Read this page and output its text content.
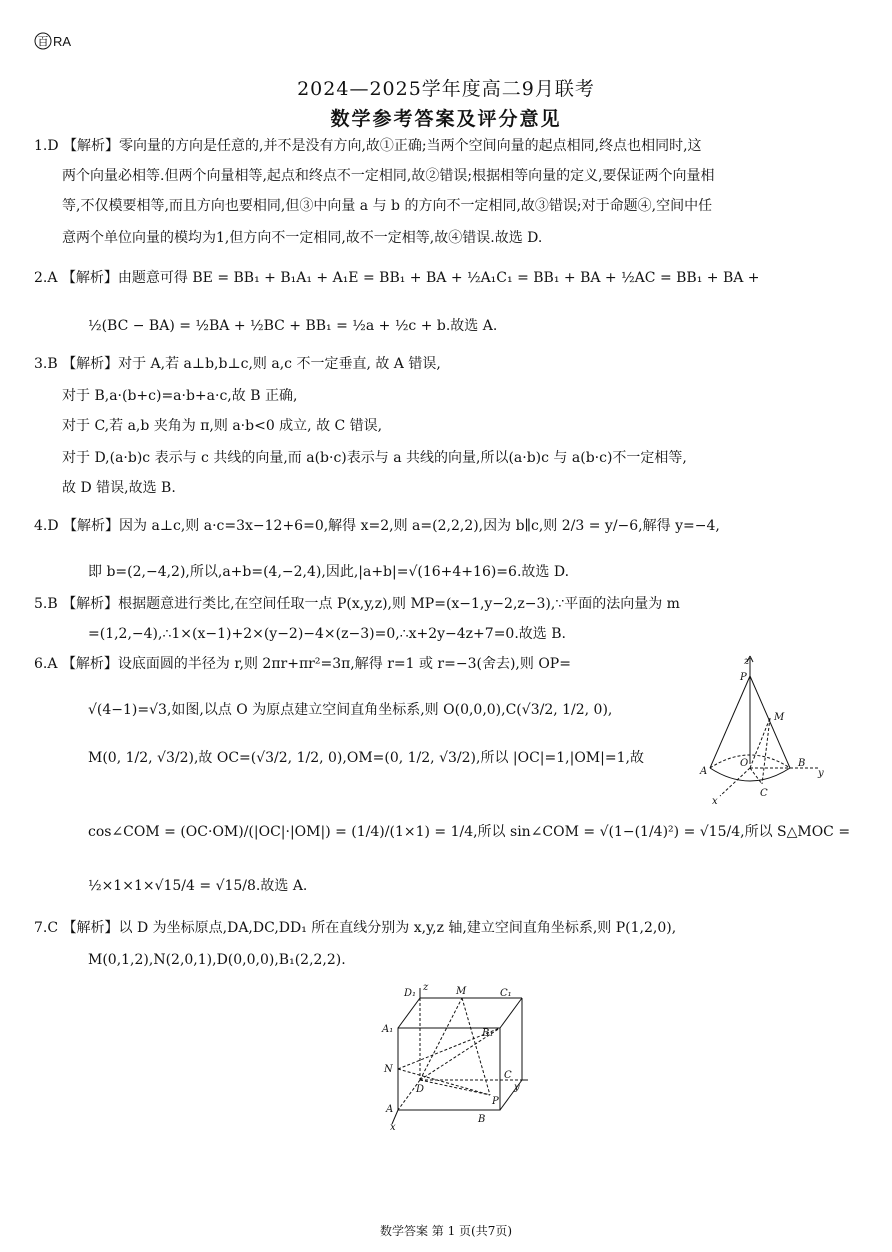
百 RA
2024—2025学年度高二9月联考
数学参考答案及评分意见
1.D 【解析】零向量的方向是任意的,并不是没有方向,故①正确;当两个空间向量的起点相同,终点也相同时,这
两个向量必相等.但两个向量相等,起点和终点不一定相同,故②错误;根据相等向量的定义,要保证两个向量相
等,不仅模要相等,而且方向也要相同,但③中向量 a 与 b 的方向不一定相同,故③错误;对于命题④,空间中任
意两个单位向量的模均为1,但方向不一定相同,故不一定相等,故④错误.故选 D.
2.A 【解析】由题意可得 BE = BB₁ + B₁A₁ + A₁E = BB₁ + BA + ½A₁C₁ = BB₁ + BA + ½AC = BB₁ + BA +
½(BC − BA) = ½BA + ½BC + BB₁ = ½a + ½c + b.故选 A.
3.B 【解析】对于 A,若 a⊥b,b⊥c,则 a,c 不一定垂直, 故 A 错误,
对于 B,a·(b+c)=a·b+a·c,故 B 正确,
对于 C,若 a,b 夹角为 π,则 a·b<0 成立, 故 C 错误,
对于 D,(a·b)c 表示与 c 共线的向量,而 a(b·c)表示与 a 共线的向量,所以(a·b)c 与 a(b·c)不一定相等,
故 D 错误,故选 B.
4.D 【解析】因为 a⊥c,则 a·c=3x−12+6=0,解得 x=2,则 a=(2,2,2),因为 b∥c,则 2/3 = y/−6,解得 y=−4,
即 b=(2,−4,2),所以,a+b=(4,−2,4),因此,|a+b|=√(16+4+16)=6.故选 D.
5.B 【解析】根据题意进行类比,在空间任取一点 P(x,y,z),则 MP=(x−1,y−2,z−3),∵平面的法向量为 m
=(1,2,−4),∴1×(x−1)+2×(y−2)−4×(z−3)=0,∴x+2y−4z+7=0.故选 B.
6.A 【解析】设底面圆的半径为 r,则 2πr+πr²=3π,解得 r=1 或 r=−3(舍去),则 OP=
√(4−1)=√3,如图,以点 O 为原点建立空间直角坐标系,则 O(0,0,0),C(√3/2, 1/2, 0),
M(0, 1/2, √3/2),故 OC=(√3/2, 1/2, 0),OM=(0, 1/2, √3/2),所以 |OC|=1,|OM|=1,故
cos∠COM = (OC·OM)/(|OC|·|OM|) = (1/4)/(1×1) = 1/4,所以 sin∠COM = √(1−(1/4)²) = √15/4,所以 S△MOC =
½×1×1×√15/4 = √15/8.故选 A.
z
P
M
A
O	B
y
x
C
7.C 【解析】以 D 为坐标原点,DA,DC,DD₁ 所在直线分别为 x,y,z 轴,建立空间直角坐标系,则 P(1,2,0),
M(0,1,2),N(2,0,1),D(0,0,0),B₁(2,2,2).
D₁
z	M	C₁
A₁	B₁
N
C
D	y
A
P
B
x
数学答案 第 1 页(共7页)
